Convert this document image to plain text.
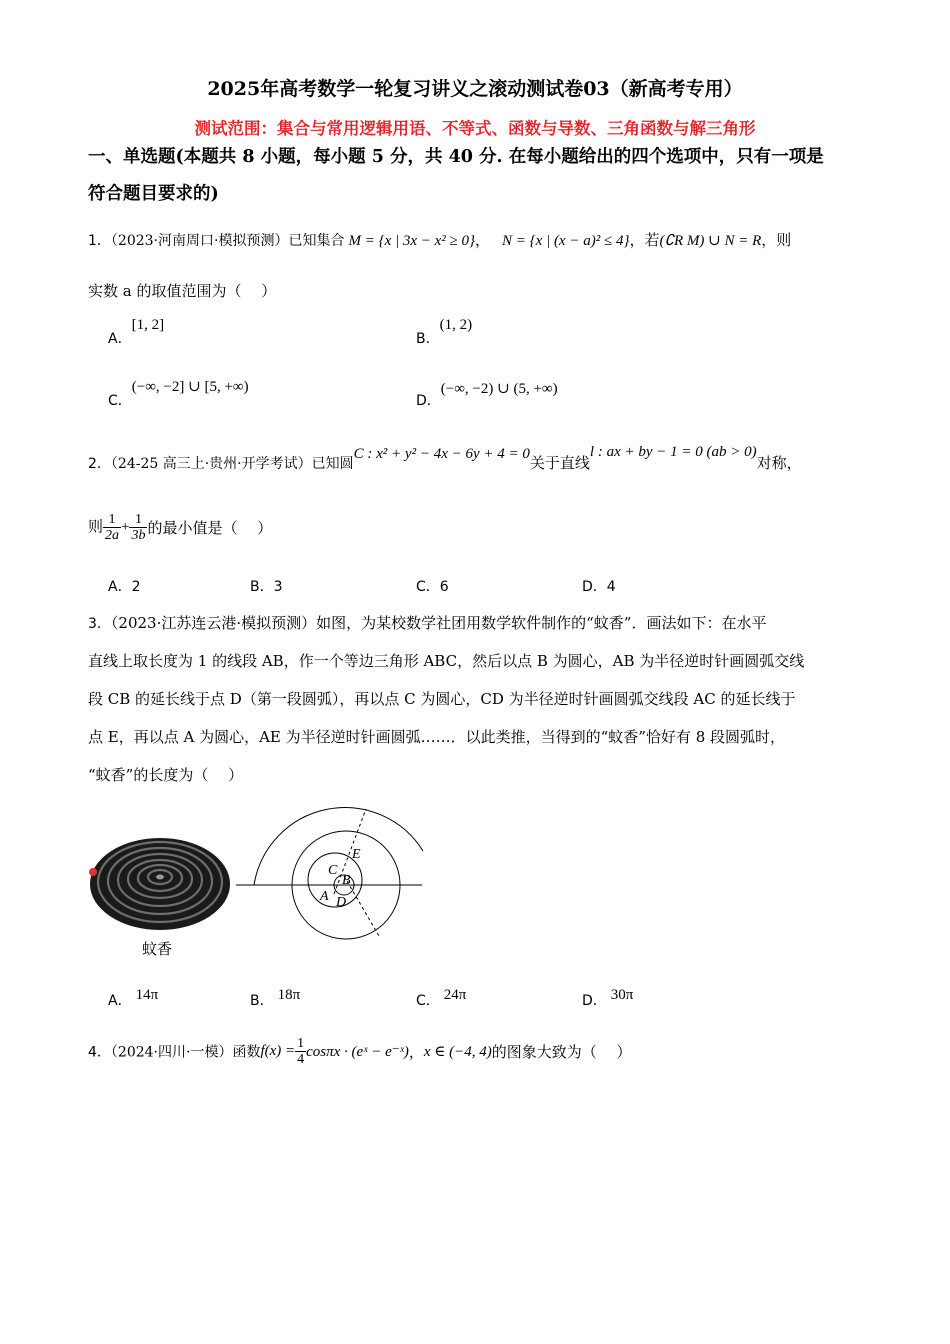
2025年高考数学一轮复习讲义之滚动测试卷03（新高考专用）
测试范围：集合与常用逻辑用语、不等式、函数与导数、三角函数与解三角形
一、单选题(本题共 8 小题，每小题 5 分，共 40 分. 在每小题给出的四个选项中，只有一项是
符合题目要求的)
1．（2023·河南周口·模拟预测）已知集合 M = {x | 3x − x² ≥ 0}， N = {x | (x − a)² ≤ 4}，若(∁R M) ∪ N = R，则
实数 a 的取值范围为（　 ）
A．[1, 2]
B．(1, 2)
C．(−∞, −2] ∪ [5, +∞)
D．(−∞, −2) ∪ (5, +∞)
2．（24-25 高三上·贵州·开学考试）已知圆C : x² + y² − 4x − 6y + 4 = 0关于直线l : ax + by − 1 = 0 (ab > 0)对称，
则 $\frac{1}{2a} + \frac{1}{3b}$ 的最小值是（　 ）
A．2	B．3	C．6	D．4
3．（2023·江苏连云港·模拟预测）如图，为某校数学社团用数学软件制作的“蚊香”．画法如下：在水平
直线上取长度为 1 的线段 AB，作一个等边三角形 ABC，然后以点 B 为圆心，AB 为半径逆时针画圆弧交线
段 CB 的延长线于点 D（第一段圆弧），再以点 C 为圆心，CD 为半径逆时针画圆弧交线段 AC 的延长线于
点 E，再以点 A 为圆心，AE 为半径逆时针画圆弧……．以此类推，当得到的“蚊香”恰好有 8 段圆弧时，
“蚊香”的长度为（　 ）
蚊香
E
C
B
A D
A． 14π	B． 18π	C． 24π	D． 30π
4．（2024·四川·一模）函数$f(x) = \frac{1}{4}$ cosπx · (eˣ − e⁻ˣ)，x ∈ (−4, 4)的图象大致为（　 ）
